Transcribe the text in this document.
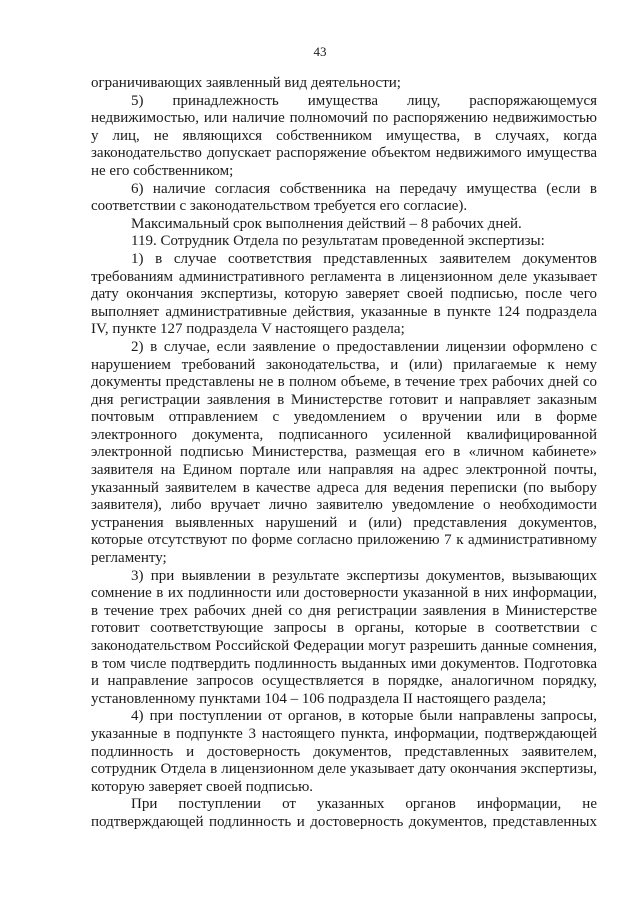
43

ограничивающих заявленный вид деятельности;

5) принадлежность имущества лицу, распоряжающемуся недвижимостью, или наличие полномочий по распоряжению недвижимостью у лиц, не являющихся собственником имущества, в случаях, когда законодательство допускает распоряжение объектом недвижимого имущества не его собственником;

6) наличие согласия собственника на передачу имущества (если в соответствии с законодательством требуется его согласие).

Максимальный срок выполнения действий – 8 рабочих дней.

119. Сотрудник Отдела по результатам проведенной экспертизы:

1) в случае соответствия представленных заявителем документов требованиям административного регламента в лицензионном деле указывает дату окончания экспертизы, которую заверяет своей подписью, после чего выполняет административные действия, указанные в пункте 124 подраздела IV, пункте 127 подраздела V настоящего раздела;

2) в случае, если заявление о предоставлении лицензии оформлено с нарушением требований законодательства, и (или) прилагаемые к нему документы представлены не в полном объеме, в течение трех рабочих дней со дня регистрации заявления в Министерстве готовит и направляет заказным почтовым отправлением с уведомлением о вручении или в форме электронного документа, подписанного усиленной квалифицированной электронной подписью Министерства, размещая его в «личном кабинете» заявителя на Едином портале или направляя на адрес электронной почты, указанный заявителем в качестве адреса для ведения переписки (по выбору заявителя), либо вручает лично заявителю уведомление о необходимости устранения выявленных нарушений и (или) представления документов, которые отсутствуют по форме согласно приложению 7 к административному регламенту;

3) при выявлении в результате экспертизы документов, вызывающих сомнение в их подлинности или достоверности указанной в них информации, в течение трех рабочих дней со дня регистрации заявления в Министерстве готовит соответствующие запросы в органы, которые в соответствии с законодательством Российской Федерации могут разрешить данные сомнения, в том числе подтвердить подлинность выданных ими документов. Подготовка и направление запросов осуществляется в порядке, аналогичном порядку, установленному пунктами 104 – 106 подраздела II настоящего раздела;

4) при поступлении от органов, в которые были направлены запросы, указанные в подпункте 3 настоящего пункта, информации, подтверждающей подлинность и достоверность документов, представленных заявителем, сотрудник Отдела в лицензионном деле указывает дату окончания экспертизы, которую заверяет своей подписью.

При поступлении от указанных органов информации, не подтверждающей подлинность и достоверность документов, представленных
